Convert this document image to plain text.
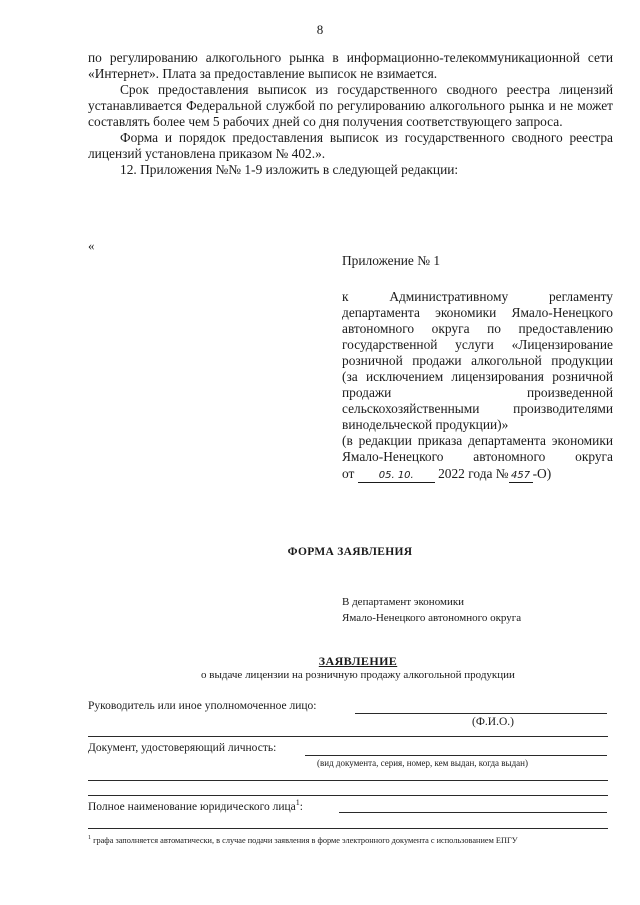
8

по регулированию алкогольного рынка в информационно-телекоммуникационной сети «Интернет». Плата за предоставление выписок не взимается.

Срок предоставления выписок из государственного сводного реестра лицензий устанавливается Федеральной службой по регулированию алкогольного рынка и не может составлять более чем 5 рабочих дней со дня получения соответствующего запроса.

Форма и порядок предоставления выписок из государственного сводного реестра лицензий установлена приказом № 402.».

12. Приложения №№ 1-9 изложить в следующей редакции:

«
Приложение № 1

к Административному регламенту департамента экономики Ямало-Ненецкого автономного округа по предоставлению государственной услуги «Лицензирование розничной продажи алкогольной продукции (за исключением лицензирования розничной продажи произведенной сельскохозяйственными производителями винодельческой продукции)»

(в редакции приказа департамента экономики Ямало-Ненецкого автономного округа

от 05. 10. 2022 года № 457 -О)

ФОРМА ЗАЯВЛЕНИЯ
В департамент экономики
Ямало-Ненецкого автономного округа
ЗАЯВЛЕНИЕ
о выдаче лицензии на розничную продажу алкогольной продукции
Руководитель или иное уполномоченное лицо:
(Ф.И.О.)
Документ, удостоверяющий личность:
(вид документа, серия, номер, кем выдан, когда выдан)
Полное наименование юридического лица$^1$:
$^1$ графа заполняется автоматически, в случае подачи заявления в форме электронного документа с использованием ЕПГУ
